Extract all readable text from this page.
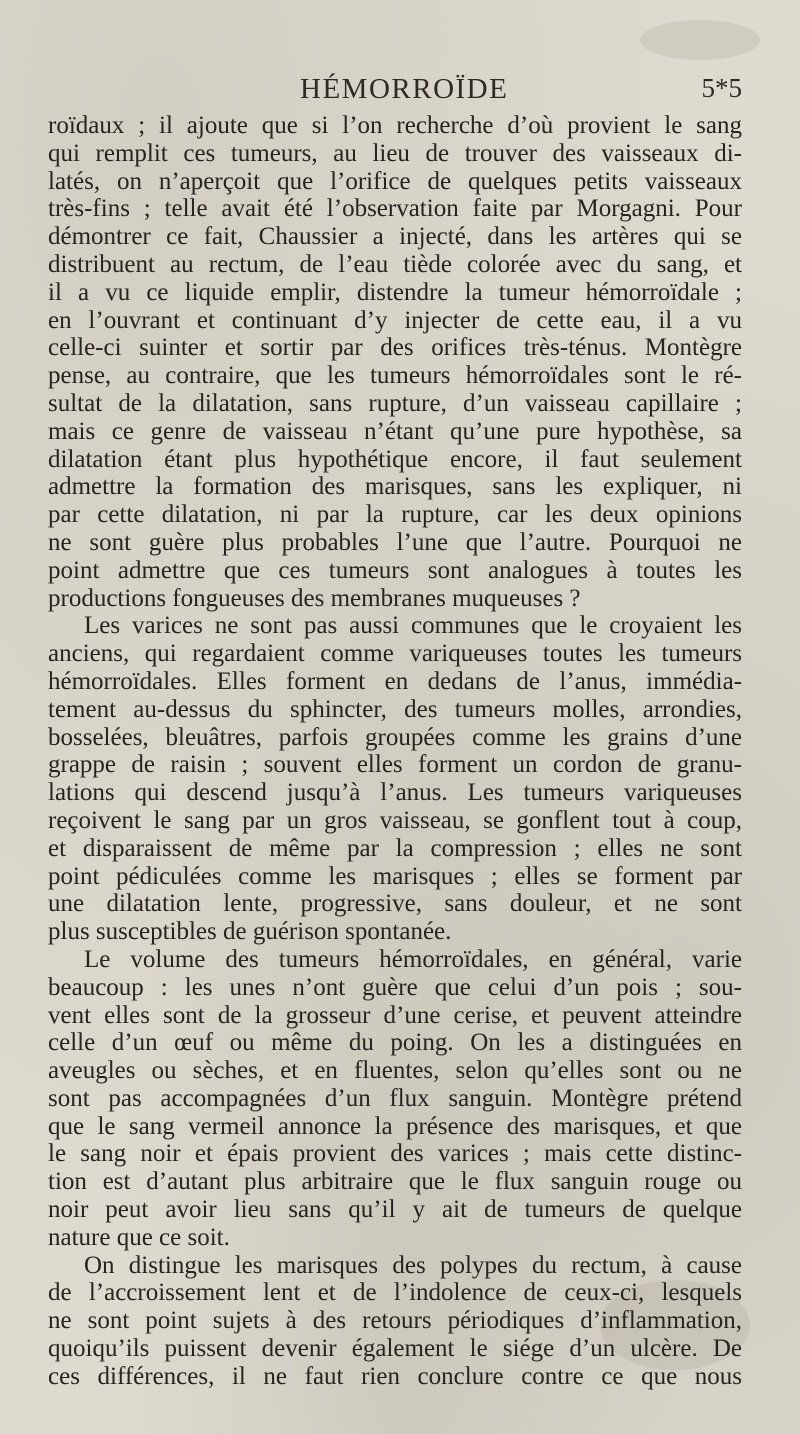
HÉMORROÏDE	5*5
roïdaux ; il ajoute que si l’on recherche d’où provient le sang
qui remplit ces tumeurs, au lieu de trouver des vaisseaux di-
latés, on n’aperçoit que l’orifice de quelques petits vaisseaux
très-fins ; telle avait été l’observation faite par Morgagni. Pour
démontrer ce fait, Chaussier a injecté, dans les artères qui se
distribuent au rectum, de l’eau tiède colorée avec du sang, et
il a vu ce liquide emplir, distendre la tumeur hémorroïdale ;
en l’ouvrant et continuant d’y injecter de cette eau, il a vu
celle-ci suinter et sortir par des orifices très-ténus. Montègre
pense, au contraire, que les tumeurs hémorroïdales sont le ré-
sultat de la dilatation, sans rupture, d’un vaisseau capillaire ;
mais ce genre de vaisseau n’étant qu’une pure hypothèse, sa
dilatation étant plus hypothétique encore, il faut seulement
admettre la formation des marisques, sans les expliquer, ni
par cette dilatation, ni par la rupture, car les deux opinions
ne sont guère plus probables l’une que l’autre. Pourquoi ne
point admettre que ces tumeurs sont analogues à toutes les
productions fongueuses des membranes muqueuses ?
Les varices ne sont pas aussi communes que le croyaient les
anciens, qui regardaient comme variqueuses toutes les tumeurs
hémorroïdales. Elles forment en dedans de l’anus, immédia-
tement au-dessus du sphincter, des tumeurs molles, arrondies,
bosselées, bleuâtres, parfois groupées comme les grains d’une
grappe de raisin ; souvent elles forment un cordon de granu-
lations qui descend jusqu’à l’anus. Les tumeurs variqueuses
reçoivent le sang par un gros vaisseau, se gonflent tout à coup,
et disparaissent de même par la compression ; elles ne sont
point pédiculées comme les marisques ; elles se forment par
une dilatation lente, progressive, sans douleur, et ne sont
plus susceptibles de guérison spontanée.
Le volume des tumeurs hémorroïdales, en général, varie
beaucoup : les unes n’ont guère que celui d’un pois ; sou-
vent elles sont de la grosseur d’une cerise, et peuvent atteindre
celle d’un œuf ou même du poing. On les a distinguées en
aveugles ou sèches, et en fluentes, selon qu’elles sont ou ne
sont pas accompagnées d’un flux sanguin. Montègre prétend
que le sang vermeil annonce la présence des marisques, et que
le sang noir et épais provient des varices ; mais cette distinc-
tion est d’autant plus arbitraire que le flux sanguin rouge ou
noir peut avoir lieu sans qu’il y ait de tumeurs de quelque
nature que ce soit.
On distingue les marisques des polypes du rectum, à cause
de l’accroissement lent et de l’indolence de ceux-ci, lesquels
ne sont point sujets à des retours périodiques d’inflammation,
quoiqu’ils puissent devenir également le siége d’un ulcère. De
ces différences, il ne faut rien conclure contre ce que nous
